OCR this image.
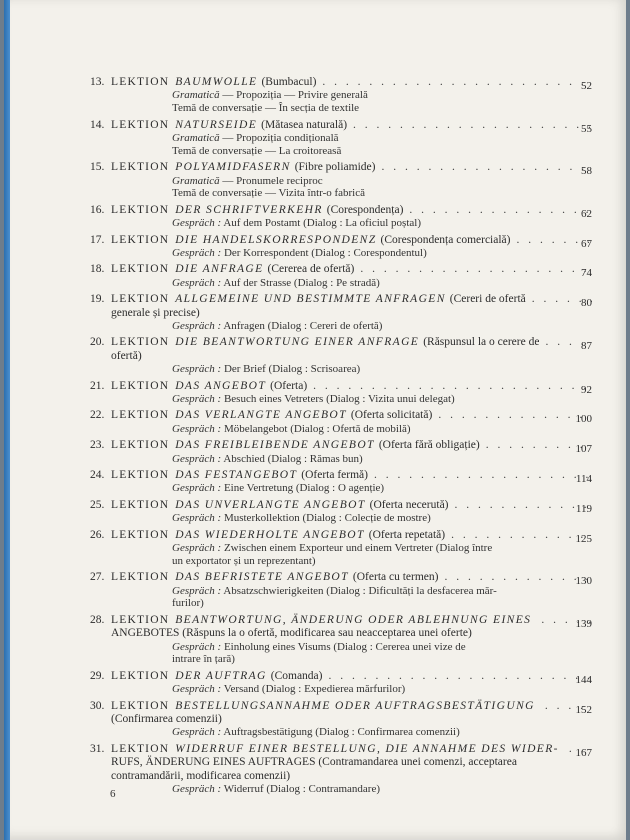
13. LEKTION BAUMWOLLE (Bumbacul) . . .	52
Gramatică — Propoziția — Privire generală
Temă de conversație — În secția de textile
14. LEKTION NATURSEIDE (Mătasea naturală) . . .	55
Gramatică — Propoziția condițională
Temă de conversație — La croitoreasă
15. LEKTION POLYAMIDFASERN (Fibre poliamide) . . .	58
Gramatică — Pronumele reciproc
Temă de conversație — Vizita într-o fabrică
16. LEKTION DER SCHRIFTVERKEHR (Corespondența) . . .	62
Gespräch : Auf dem Postamt (Dialog : La oficiul poștal)
17. LEKTION DIE HANDELSKORRESPONDENZ (Corespondența comercială) . . .	67
Gespräch : Der Korrespondent (Dialog : Corespondentul)
18. LEKTION DIE ANFRAGE (Cererea de ofertă) . . .	74
Gespräch : Auf der Strasse (Dialog : Pe stradă)
19. LEKTION ALLGEMEINE UND BESTIMMTE ANFRAGEN (Cereri de ofertă . . .	80
generale și precise)
Gespräch : Anfragen (Dialog : Cereri de ofertă)
20. LEKTION DIE BEANTWORTUNG EINER ANFRAGE (Răspunsul la o cerere de . . .	87
ofertă)
Gespräch : Der Brief (Dialog : Scrisoarea)
21. LEKTION DAS ANGEBOT (Oferta) . . .	92
Gespräch : Besuch eines Vetreters (Dialog : Vizita unui delegat)
22. LEKTION DAS VERLANGTE ANGEBOT (Oferta solicitată) . . .	100
Gespräch : Möbelangebot (Dialog : Ofertă de mobilă)
23. LEKTION DAS FREIBLEIBENDE ANGEBOT (Oferta fără obligație) . . .	107
Gespräch : Abschied (Dialog : Rămas bun)
24. LEKTION DAS FESTANGEBOT (Oferta fermă) . . .	114
Gespräch : Eine Vertretung (Dialog : O agenție)
25. LEKTION DAS UNVERLANGTE ANGEBOT (Oferta necerută) . . .	119
Gespräch : Musterkollektion (Dialog : Colecție de mostre)
26. LEKTION DAS WIEDERHOLTE ANGEBOT (Oferta repetată) . . .	125
Gespräch : Zwischen einem Exporteur und einem Vertreter (Dialog între
un exportator și un reprezentant)
27. LEKTION DAS BEFRISTETE ANGEBOT (Oferta cu termen) . . .	130
Gespräch : Absatzschwierigkeiten (Dialog : Dificultăți la desfacerea măr-
furilor)
28. LEKTION BEANTWORTUNG, ÄNDERUNG ODER ABLEHNUNG EINES . . .	139
ANGEBOTES (Răspuns la o ofertă, modificarea sau neacceptarea unei oferte)
Gespräch : Einholung eines Visums (Dialog : Cererea unei vize de
intrare în țară)
29. LEKTION DER AUFTRAG (Comanda) . . .	144
Gespräch : Versand (Dialog : Expedierea mărfurilor)
30. LEKTION BESTELLUNGSANNAHME ODER AUFTRAGSBESTÄTIGUNG . . .	152
(Confirmarea comenzii)
Gespräch : Auftragsbestätigung (Dialog : Confirmarea comenzii)
31. LEKTION WIDERRUF EINER BESTELLUNG, DIE ANNAHME DES WIDER- . . . 167
RUFS, ÄNDERUNG EINES AUFTRAGES (Contramandarea unei comenzi, acceptarea contramandării, modificarea comenzii)
Gespräch : Widerruf (Dialog : Contramandare)
6
